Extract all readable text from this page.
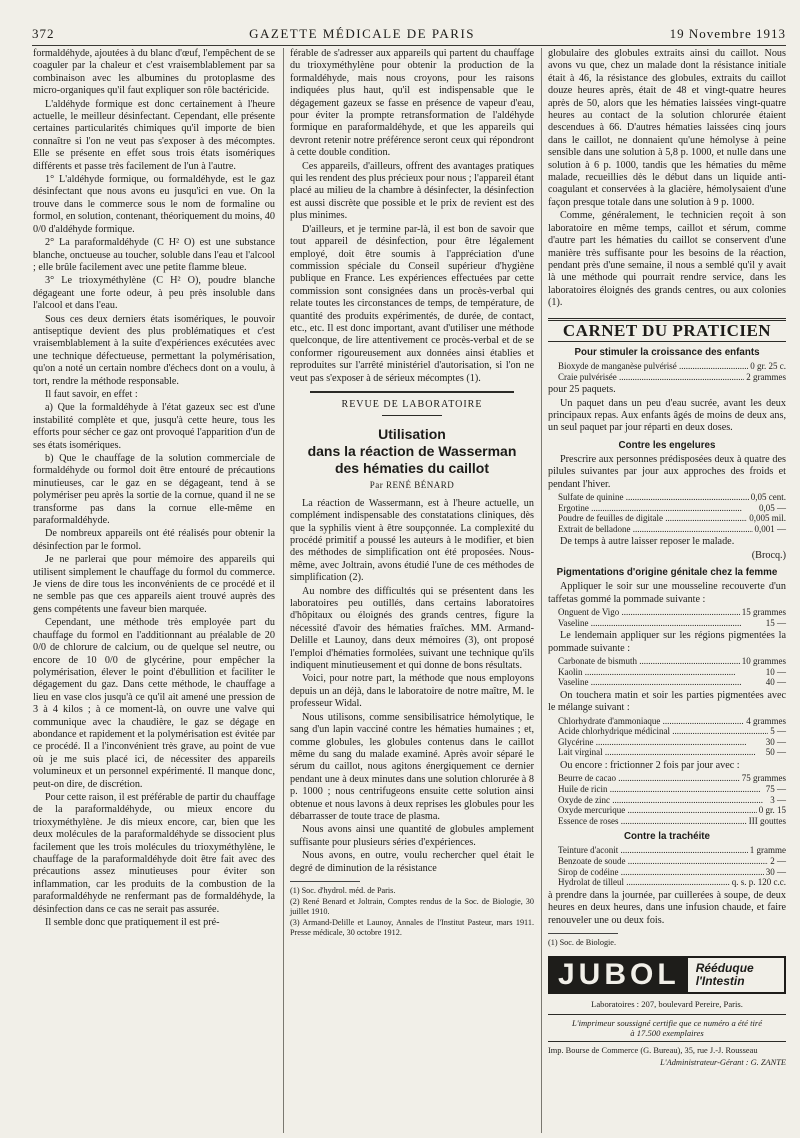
372	GAZETTE MÉDICALE DE PARIS	19 Novembre 1913

formaldéhyde, ajoutées à du blanc d'œuf, l'empêchent de se coaguler par la chaleur et c'est vraisemblablement par sa combinaison avec les albumines du protoplasme des micro-organiques qu'il faut expliquer son rôle bactéricide.

L'aldéhyde formique est donc certainement à l'heure actuelle, le meilleur désinfectant. Cependant, elle présente certaines particularités chimiques qu'il importe de bien connaître si l'on ne veut pas s'exposer à des mécomptes. Elle se présente en effet sous trois états isomériques différents et passe très facilement de l'un à l'autre.

1° L'aldéhyde formique, ou formaldéhyde, est le gaz désinfectant que nous avons eu jusqu'ici en vue. On la trouve dans le commerce sous le nom de formaline ou formol, en solution, contenant, théoriquement du moins, 40 0/0 d'aldéhyde formique.

2° La paraformaldéhyde (C H² O) est une substance blanche, onctueuse au toucher, soluble dans l'eau et l'alcool ; elle brûle facilement avec une petite flamme bleue.

3° Le trioxyméthylène (C H² O), poudre blanche dégageant une forte odeur, à peu près insoluble dans l'alcool et dans l'eau.

Sous ces deux derniers états isomériques, le pouvoir antiseptique devient des plus problématiques et c'est vraisemblablement à la suite d'expériences exécutées avec une technique défectueuse, permettant la polymérisation, qu'on a noté un certain nombre d'échecs dont on a voulu, à tort, rendre la méthode responsable.

Il faut savoir, en effet :

a) Que la formaldéhyde à l'état gazeux sec est d'une instabilité complète et que, jusqu'à cette heure, tous les efforts pour sécher ce gaz ont provoqué l'apparition d'un de ses états isomériques.

b) Que le chauffage de la solution commerciale de formaldéhyde ou formol doit être entouré de précautions minutieuses, car le gaz en se dégageant, tend à se polymériser peu après la sortie de la cornue, quand il ne se transforme pas dans la cornue elle-même en paraformaldéhyde.

De nombreux appareils ont été réalisés pour obtenir la désinfection par le formol.

Je ne parlerai que pour mémoire des appareils qui utilisent simplement le chauffage du formol du commerce. Je viens de dire tous les inconvénients de ce procédé et il ne semble pas que ces appareils aient trouvé auprès des gens compétents une faveur bien marquée.

Cependant, une méthode très employée part du chauffage du formol en l'additionnant au préalable de 20 0/0 de chlorure de calcium, ou de quelque sel neutre, ou encore de 10 0/0 de glycérine, pour empêcher la polymérisation, élever le point d'ébullition et faciliter le dégagement du gaz. Dans cette méthode, le chauffage a lieu en vase clos jusqu'à ce qu'il ait amené une pression de 3 à 4 kilos ; à ce moment-là, on ouvre une valve qui communique avec la chaudière, le gaz se dégage en abondance et rapidement et la polymérisation est évitée par ce procédé. Il a l'inconvénient très grave, au point de vue où je me suis placé ici, de nécessiter des appareils volumineux et un personnel expérimenté. Il manque donc, peut-on dire, de discrétion.

Pour cette raison, il est préférable de partir du chauffage de la paraformaldéhyde, ou mieux encore du trioxyméthylène. Je dis mieux encore, car, bien que les deux molécules de la paraformaldéhyde se dissocient plus facilement que les trois molécules du trioxyméthylène, le chauffage de la paraformaldéhyde doit être fait avec des précautions assez minutieuses pour éviter son inflammation, car les produits de la combustion de la paraformaldéhyde ne renfermant pas de formaldéhyde, la désinfection dans ce cas ne serait pas assurée.

Il semble donc que pratiquement il est pré-

férable de s'adresser aux appareils qui partent du chauffage du trioxyméthylène pour obtenir la production de la formaldéhyde, mais nous croyons, pour les raisons indiquées plus haut, qu'il est indispensable que le dégagement gazeux se fasse en présence de vapeur d'eau, pour éviter la prompte retransformation de l'aldéhyde formique en paraformaldéhyde, et que les appareils qui devront retenir notre préférence seront ceux qui répondront à cette double condition.

Ces appareils, d'ailleurs, offrent des avantages pratiques qui les rendent des plus précieux pour nous ; l'appareil étant placé au milieu de la chambre à désinfecter, la désinfection est aussi discrète que possible et le prix de revient est des plus minimes.

D'ailleurs, et je termine par-là, il est bon de savoir que tout appareil de désinfection, pour être légalement employé, doit être soumis à l'appréciation d'une commission spéciale du Conseil supérieur d'hygiène publique en France. Les expériences effectuées par cette commission sont consignées dans un procès-verbal qui relate toutes les circonstances de temps, de température, de quantité des produits expérimentés, de durée, de contact, etc., etc. Il est donc important, avant d'utiliser une méthode quelconque, de lire attentivement ce procès-verbal et de se conformer rigoureusement aux données ainsi établies et reproduites sur l'arrêté ministériel d'autorisation, si l'on ne veut pas s'exposer à de sérieux mécomptes (1).

REVUE DE LABORATOIRE
Utilisation
dans la réaction de Wasserman
des hématies du caillot
Par RENÉ BÉNARD

La réaction de Wassermann, est à l'heure actuelle, un complément indispensable des constatations cliniques, dès que la syphilis vient à être soupçonnée. La complexité du procédé primitif a poussé les auteurs à le modifier, et bien des méthodes de simplification ont été proposées. Nous-même, avec Joltrain, avons étudié l'une de ces méthodes de simplification (2).

Au nombre des difficultés qui se présentent dans les laboratoires peu outillés, dans certains laboratoires d'hôpitaux ou éloignés des grands centres, figure la nécessité d'avoir des hématies fraîches. MM. Armand-Delille et Launoy, dans deux mémoires (3), ont proposé l'emploi d'hématies formolées, suivant une technique qu'ils indiquent minutieusement et qui donne de bons résultats.

Voici, pour notre part, la méthode que nous employons depuis un an déjà, dans le laboratoire de notre maître, M. le professeur Widal.

Nous utilisons, comme sensibilisatrice hémolytique, le sang d'un lapin vacciné contre les hématies humaines ; et, comme globules, les globules contenus dans le caillot même du sang du malade examiné. Après avoir séparé le sérum du caillot, nous agitons énergiquement ce dernier pendant une à deux minutes dans une solution chlorurée à 8 p. 1000 ; nous centrifugeons ensuite cette solution ainsi obtenue et nous lavons à deux reprises les globules pour les débarrasser de toute trace de plasma.

Nous avons ainsi une quantité de globules amplement suffisante pour plusieurs séries d'expériences.

Nous avons, en outre, voulu rechercher quel était le degré de diminution de la résistance

(1) Soc. d'hydrol. méd. de Paris.

(2) René Benard et Joltrain, Comptes rendus de la Soc. de Biologie, 30 juillet 1910.

(3) Armand-Delille et Launoy, Annales de l'Institut Pasteur, mars 1911. Presse médicale, 30 octobre 1912.

globulaire des globules extraits ainsi du caillot. Nous avons vu que, chez un malade dont la résistance initiale était à 46, la résistance des globules, extraits du caillot douze heures après, était de 48 et vingt-quatre heures après de 50, alors que les hématies laissées vingt-quatre heures au contact de la solution chlorurée étaient descendues à 66. D'autres hématies laissées cinq jours dans le caillot, ne donnaient qu'une hémolyse à peine sensible dans une solution à 5,8 p. 1000, et nulle dans une solution à 6 p. 1000, tandis que les hématies du même malade, recueillies dès le début dans un liquide anti-coagulant et conservées à la glacière, hémolysaient d'une façon presque totale dans une solution à 9 p. 1000.

Comme, généralement, le technicien reçoit à son laboratoire en même temps, caillot et sérum, comme d'autre part les hématies du caillot se conservent d'une manière très suffisante pour les besoins de la réaction, pendant près d'une semaine, il nous a semblé qu'il y avait là une méthode qui pourrait rendre service, dans les laboratoires éloignés des grands centres, ou aux colonies (1).

CARNET DU PRATICIEN
Pour stimuler la croissance des enfants
Bioxyde de manganèse pulvérisé .....	0 gr. 25 c.
Craie pulvérisée .....	2 grammes

pour 25 paquets.

Un paquet dans un peu d'eau sucrée, avant les deux principaux repas. Aux enfants âgés de moins de deux ans, un seul paquet par jour réparti en deux doses.

Contre les engelures

Prescrire aux personnes prédisposées deux à quatre des pilules suivantes par jour aux approches des froids et pendant l'hiver.

Sulfate de quinine .....	0,05 cent.
Ergotine .....	0,05 —
Poudre de feuilles de digitale .....	0,005 mil.
Extrait de belladone .....	0,001 —

De temps à autre laisser reposer le malade.

(Brocq.)

Pigmentations d'origine génitale chez la femme

Appliquer le soir sur une mousseline recouverte d'un taffetas gommé la pommade suivante :

Onguent de Vigo .....	15 grammes
Vaseline .....	15 —

Le lendemain appliquer sur les régions pigmentées la pommade suivante :

Carbonate de bismuth .....	10 grammes
Kaolin .....	10 —
Vaseline .....	40 —

On touchera matin et soir les parties pigmentées avec le mélange suivant :

Chlorhydrate d'ammoniaque .....	4 grammes
Acide chlorhydrique médicinal .....	5 —
Glycérine .....	30 —
Lait virginal .....	50 —

Ou encore : frictionner 2 fois par jour avec :

Beurre de cacao .....	75 grammes
Huile de ricin .....	75 —
Oxyde de zinc .....	3 —
Oxyde mercurique .....	0 gr. 15
Essence de roses .....	III gouttes
Contre la trachéite
Teinture d'aconit .....	1 gramme
Benzoate de soude .....	2 —
Sirop de codéine .....	30 —
Hydrolat de tilleul .....	q. s. p. 120 c.c.

à prendre dans la journée, par cuillerées à soupe, de deux heures en deux heures, dans une infusion chaude, et faire renouveler une ou deux fois.

(1) Soc. de Biologie.

JUBOL	Rééduque
l'Intestin

Laboratoires : 207, boulevard Pereire, Paris.

L'imprimeur soussigné certifie que ce numéro a été tiré
à 17.500 exemplaires

Imp. Bourse de Commerce (G. Bureau), 35, rue J.-J. Rousseau

L'Administrateur-Gérant : G. ZANTE
